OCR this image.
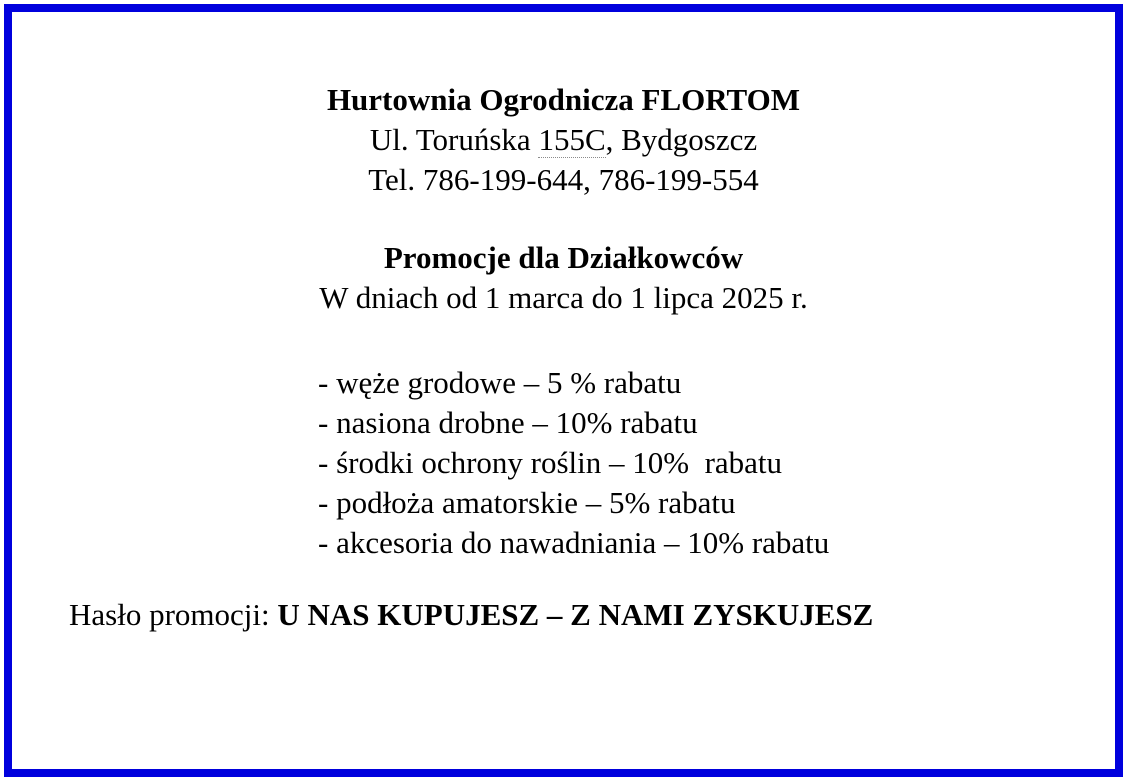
Hurtownia Ogrodnicza FLORTOM
Ul. Toruńska 155C, Bydgoszcz
Tel. 786-199-644, 786-199-554
Promocje dla Działkowców
W dniach od 1 marca do 1 lipca 2025 r.
- węże grodowe – 5 % rabatu
- nasiona drobne – 10% rabatu
- środki ochrony roślin – 10%  rabatu
- podłoża amatorskie – 5% rabatu
- akcesoria do nawadniania – 10% rabatu
Hasło promocji: U NAS KUPUJESZ – Z NAMI ZYSKUJESZ
